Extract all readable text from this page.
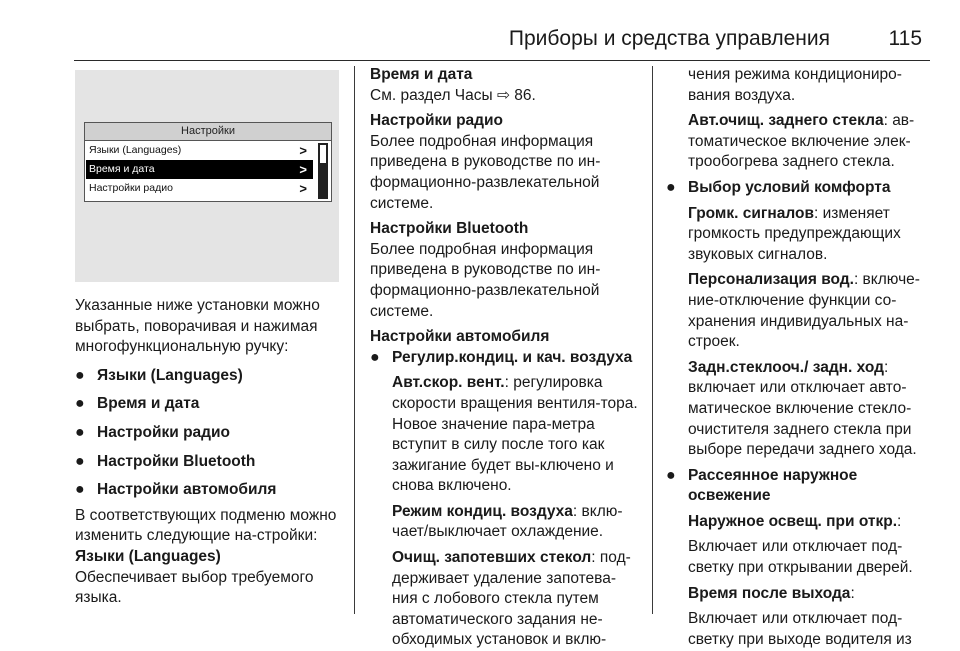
Приборы и средства управления	115
Настройки
Языки (Languages)	>
Время и дата	>
Настройки радио	>

Указанные ниже установки можно выбрать, поворачивая и нажимая многофункциональную ручку:

● Языки (Languages)
● Время и дата
● Настройки радио
● Настройки Bluetooth
● Настройки автомобиля

В соответствующих подменю можно изменить следующие на-стройки:

Языки (Languages)

Обеспечивает выбор требуемого языка.

Время и дата

См. раздел Часы ⇨ 86.

Настройки радио

Более подробная информация приведена в руководстве по ин-формационно-развлекательной системе.

Настройки Bluetooth

Более подробная информация приведена в руководстве по ин-формационно-развлекательной системе.

Настройки автомобиля

● Регулир.кондиц. и кач. воздуха

Авт.скор. вент.: регулировка скорости вращения вентиля-тора. Новое значение пара-метра вступит в силу после того как зажигание будет вы-ключено и снова включено.

Режим кондиц. воздуха: вклю-чает/выключает охлаждение.

Очищ. запотевших стекол: под-держивает удаление запотева-ния с лобового стекла путем автоматического задания не-обходимых установок и вклю-

чения режима кондициониро-вания воздуха.

Авт.очищ. заднего стекла: ав-томатическое включение элек-трообогрева заднего стекла.

● Выбор условий комфорта

Громк. сигналов: изменяет громкость предупреждающих звуковых сигналов.

Персонализация вод.: включе-ние-отключение функции со-хранения индивидуальных на-строек.

Задн.стеклооч./ задн. ход: включает или отключает авто-матическое включение стекло-очистителя заднего стекла при выборе передачи заднего хода.

● Рассеянное наружное освежение

Наружное освещ. при откр.:

Включает или отключает под-светку при открывании дверей.

Время после выхода:

Включает или отключает под-светку при выходе водителя из
